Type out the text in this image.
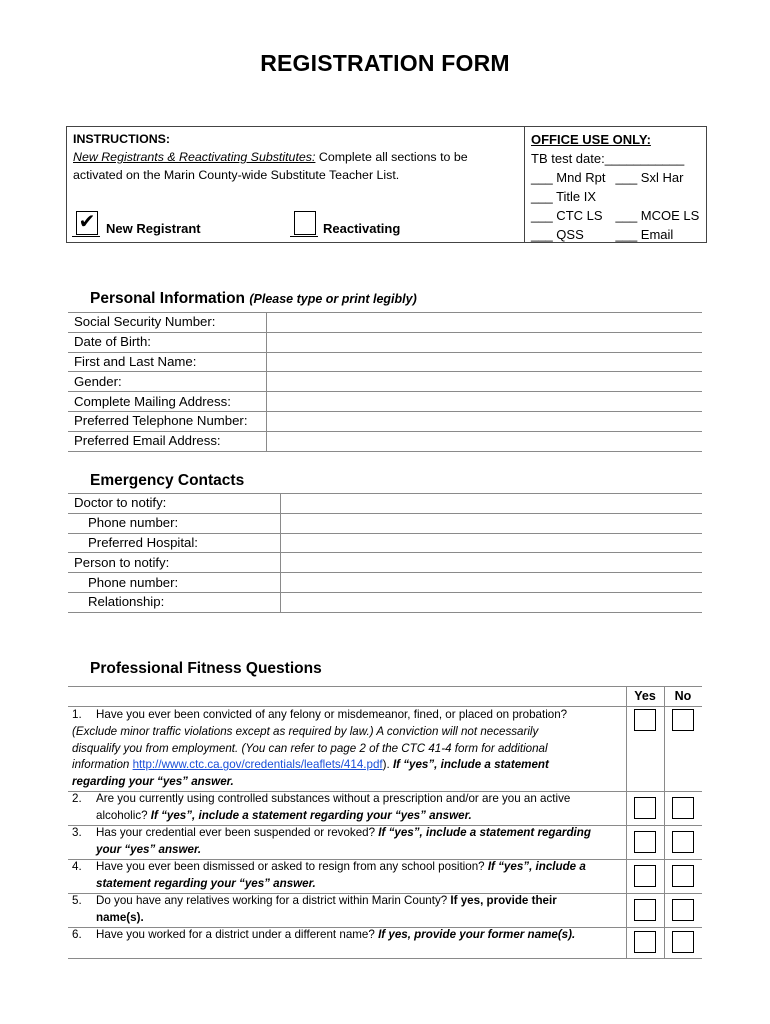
REGISTRATION FORM
INSTRUCTIONS:
New Registrants & Reactivating Substitutes: Complete all sections to be
activated on the Marin County-wide Substitute Teacher List.
✔ New Registrant	Reactivating
OFFICE USE ONLY:
TB test date:___________
___ Mnd Rpt ___ Sxl Har
___ Title IX
___ CTC LS ___ MCOE LS
___ QSS	___ Email
Personal Information (Please type or print legibly)
Social Security Number:	
Date of Birth:	
First and Last Name:	
Gender:	
Complete Mailing Address:	
Preferred Telephone Number:	
Preferred Email Address:	
Emergency Contacts
Doctor to notify:	
Phone number:	
Preferred Hospital:	
Person to notify:	
Phone number:	
Relationship:	
Professional Fitness Questions
Yes	No
1. Have you ever been convicted of any felony or misdemeanor, fined, or placed on probation?
(Exclude minor traffic violations except as required by law.) A conviction will not necessarily
disqualify you from employment. (You can refer to page 2 of the CTC 41-4 form for additional
information http://www.ctc.ca.gov/credentials/leaflets/414.pdf). If “yes”, include a statement
regarding your “yes” answer.
2. Are you currently using controlled substances without a prescription and/or are you an active
alcoholic? If “yes”, include a statement regarding your “yes” answer.
3. Has your credential ever been suspended or revoked? If “yes”, include a statement regarding
your “yes” answer.
4. Have you ever been dismissed or asked to resign from any school position? If “yes”, include a
statement regarding your “yes” answer.
5. Do you have any relatives working for a district within Marin County? If yes, provide their
name(s).
6. Have you worked for a district under a different name? If yes, provide your former name(s).
